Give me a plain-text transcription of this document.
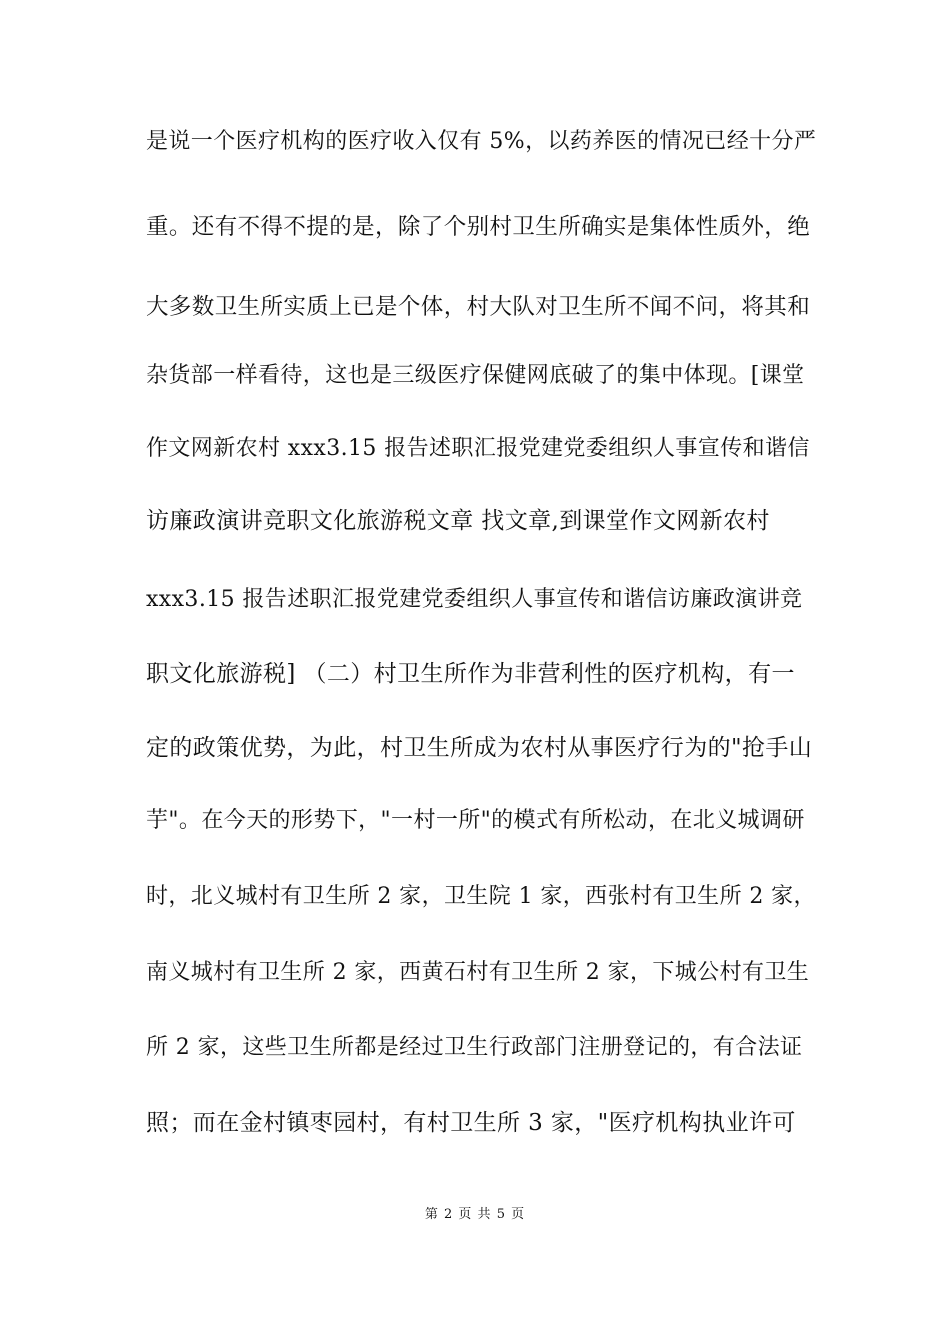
是说一个医疗机构的医疗收入仅有 5%，以药养医的情况已经十分严
重。还有不得不提的是，除了个别村卫生所确实是集体性质外，绝
大多数卫生所实质上已是个体，村大队对卫生所不闻不问，将其和
杂货部一样看待，这也是三级医疗保健网底破了的集中体现。[课堂
作文网新农村 xxx3.15 报告述职汇报党建党委组织人事宣传和谐信
访廉政演讲竞职文化旅游税文章 找文章,到课堂作文网新农村
xxx3.15 报告述职汇报党建党委组织人事宣传和谐信访廉政演讲竞
职文化旅游税] （二）村卫生所作为非营利性的医疗机构，有一
定的政策优势，为此，村卫生所成为农村从事医疗行为的"抢手山
芋"。在今天的形势下，"一村一所"的模式有所松动，在北义城调研
时，北义城村有卫生所 2 家，卫生院 1 家，西张村有卫生所 2 家，
南义城村有卫生所 2 家，西黄石村有卫生所 2 家，下城公村有卫生
所 2 家，这些卫生所都是经过卫生行政部门注册登记的，有合法证
照；而在金村镇枣园村，有村卫生所 3 家，"医疗机构执业许可
第 2 页 共 5 页
